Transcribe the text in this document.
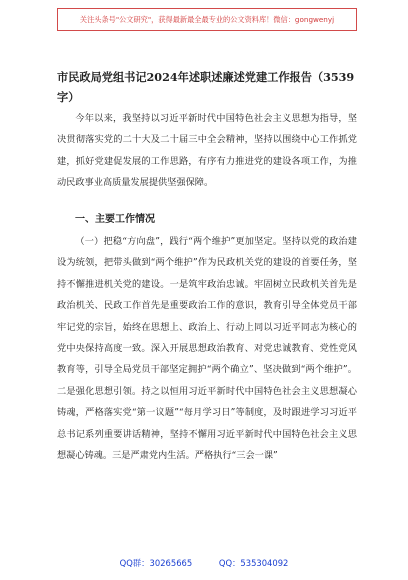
关注头条号"公文研究"，获得最新最全最专业的公文资料库！微信：gongwenyj
市民政局党组书记2024年述职述廉述党建工作报告（3539字）

今年以来，我坚持以习近平新时代中国特色社会主义思想为指导，坚决贯彻落实党的二十大及二十届三中全会精神，坚持以围绕中心工作抓党建，抓好党建促发展的工作思路，有序有力推进党的建设各项工作，为推动民政事业高质量发展提供坚强保障。

一、主要工作情况

（一）把稳“方向盘”，践行“两个维护”更加坚定。坚持以党的政治建设为统领，把带头做到“两个维护”作为民政机关党的建设的首要任务，坚持不懈推进机关党的建设。一是筑牢政治忠诚。牢固树立民政机关首先是政治机关、民政工作首先是重要政治工作的意识，教育引导全体党员干部牢记党的宗旨，始终在思想上、政治上、行动上同以习近平同志为核心的党中央保持高度一致。深入开展思想政治教育、对党忠诚教育、党性党风教育等，引导全局党员干部坚定拥护“两个确立”、坚决做到“两个维护”。二是强化思想引领。持之以恒用习近平新时代中国特色社会主义思想凝心铸魂，严格落实党“第一议题”“每月学习日”等制度，及时跟进学习习近平总书记系列重要讲话精神，坚持不懈用习近平新时代中国特色社会主义思想凝心铸魂。三是严肃党内生活。严格执行“三会一课”

QQ群：30265665	QQ：535304092
